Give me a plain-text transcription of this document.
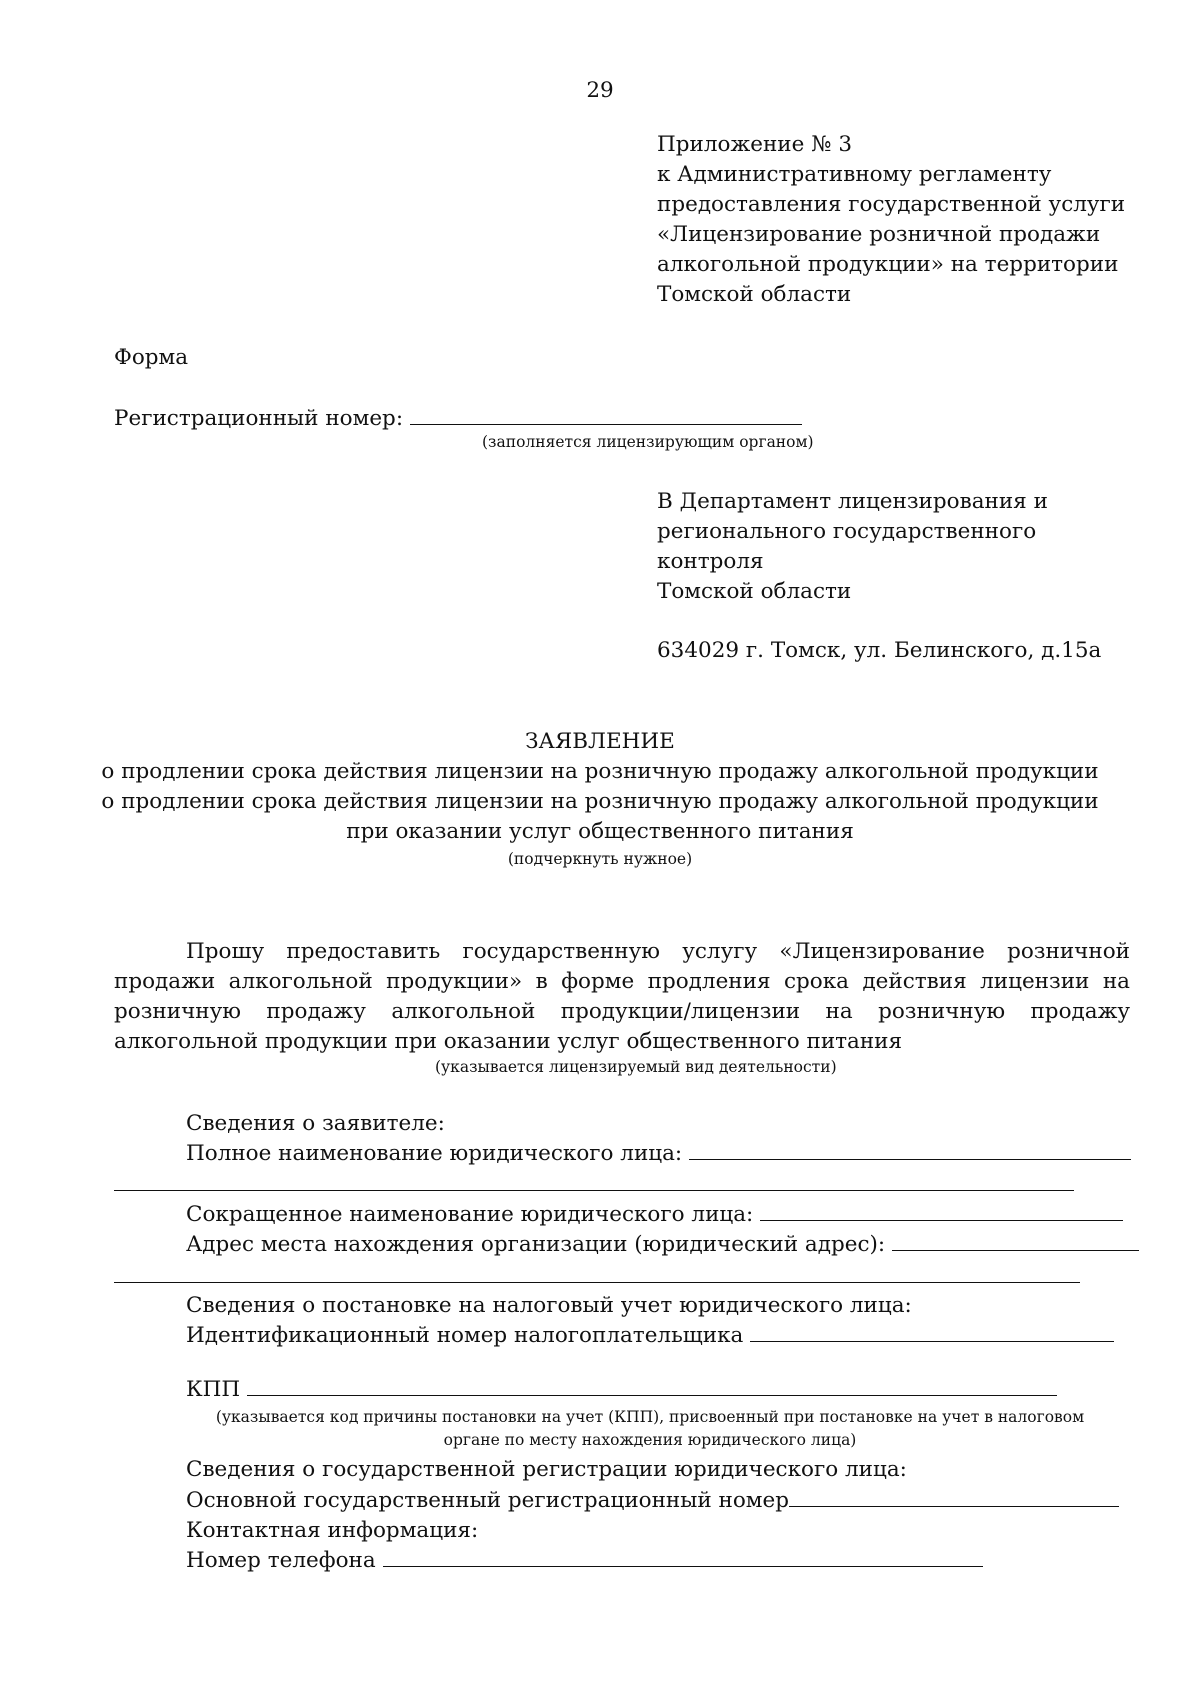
29
Приложение № 3
к Административному регламенту
предоставления государственной услуги
«Лицензирование розничной продажи
алкогольной продукции» на территории
Томской области
Форма
Регистрационный номер:
(заполняется лицензирующим органом)
В Департамент лицензирования и
регионального государственного
контроля
Томской области
634029 г. Томск, ул. Белинского, д.15а
ЗАЯВЛЕНИЕ
о продлении срока действия лицензии на розничную продажу алкогольной продукции
о продлении срока действия лицензии на розничную продажу алкогольной продукции
при оказании услуг общественного питания
(подчеркнуть нужное)
Прошу предоставить государственную услугу «Лицензирование розничной
продажи алкогольной продукции» в форме продления срока действия лицензии на
розничную продажу алкогольной продукции/лицензии на розничную продажу
алкогольной продукции при оказании услуг общественного питания
(указывается лицензируемый вид деятельности)
Сведения о заявителе:
Полное наименование юридического лица:
Сокращенное наименование юридического лица:
Адрес места нахождения организации (юридический адрес):
Сведения о постановке на налоговый учет юридического лица:
Идентификационный номер налогоплательщика
КПП
(указывается код причины постановки на учет (КПП), присвоенный при постановке на учет в налоговом
органе по месту нахождения юридического лица)
Сведения о государственной регистрации юридического лица:
Основной государственный регистрационный номер
Контактная информация:
Номер телефона
